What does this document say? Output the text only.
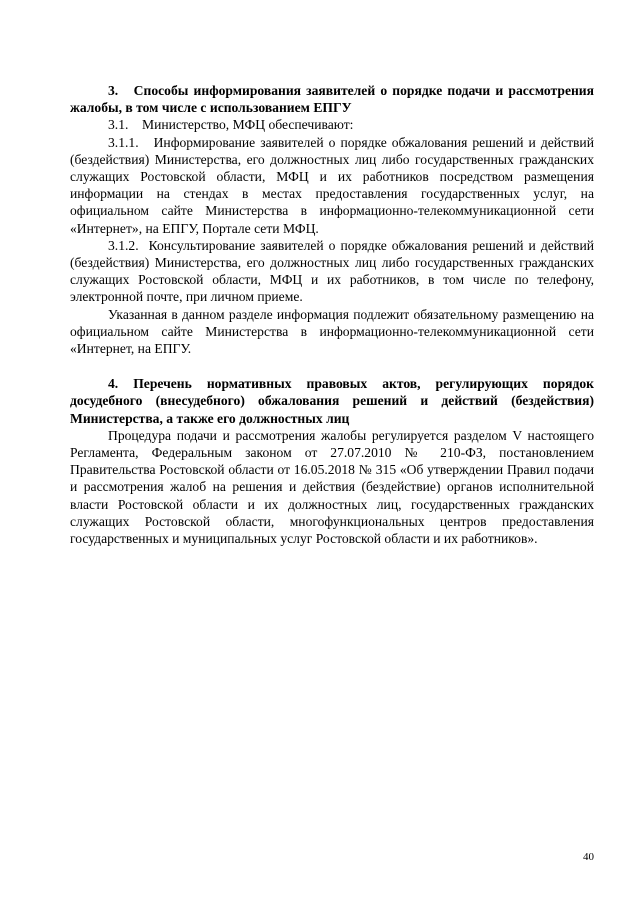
3.   Способы информирования заявителей о порядке подачи и рассмотрения жалобы, в том числе с использованием ЕПГУ

3.1.    Министерство, МФЦ обеспечивают:

3.1.1.   Информирование заявителей о порядке обжалования решений и действий (бездействия) Министерства, его должностных лиц либо государственных гражданских служащих Ростовской области, МФЦ и их работников посредством размещения информации на стендах в местах предоставления государственных услуг, на официальном сайте Министерства в информационно-телекоммуникационной сети «Интернет», на ЕПГУ, Портале сети МФЦ.

3.1.2.  Консультирование заявителей о порядке обжалования решений и действий (бездействия) Министерства, его должностных лиц либо государственных гражданских служащих Ростовской области, МФЦ и их работников, в том числе по телефону, электронной почте, при личном приеме.

Указанная в данном разделе информация подлежит обязательному размещению на официальном сайте Министерства в информационно-телекоммуникационной сети «Интернет, на ЕПГУ.

4. Перечень нормативных правовых актов, регулирующих порядок досудебного (внесудебного) обжалования решений и действий (бездействия) Министерства, а также его должностных лиц

Процедура подачи и рассмотрения жалобы регулируется разделом V настоящего Регламента, Федеральным законом от 27.07.2010 № 210-ФЗ, постановлением Правительства Ростовской области от 16.05.2018 № 315 «Об утверждении Правил подачи и рассмотрения жалоб на решения и действия (бездействие) органов исполнительной власти Ростовской области и их должностных лиц, государственных гражданских служащих Ростовской области, многофункциональных центров предоставления государственных и муниципальных услуг Ростовской области и их работников».

40
